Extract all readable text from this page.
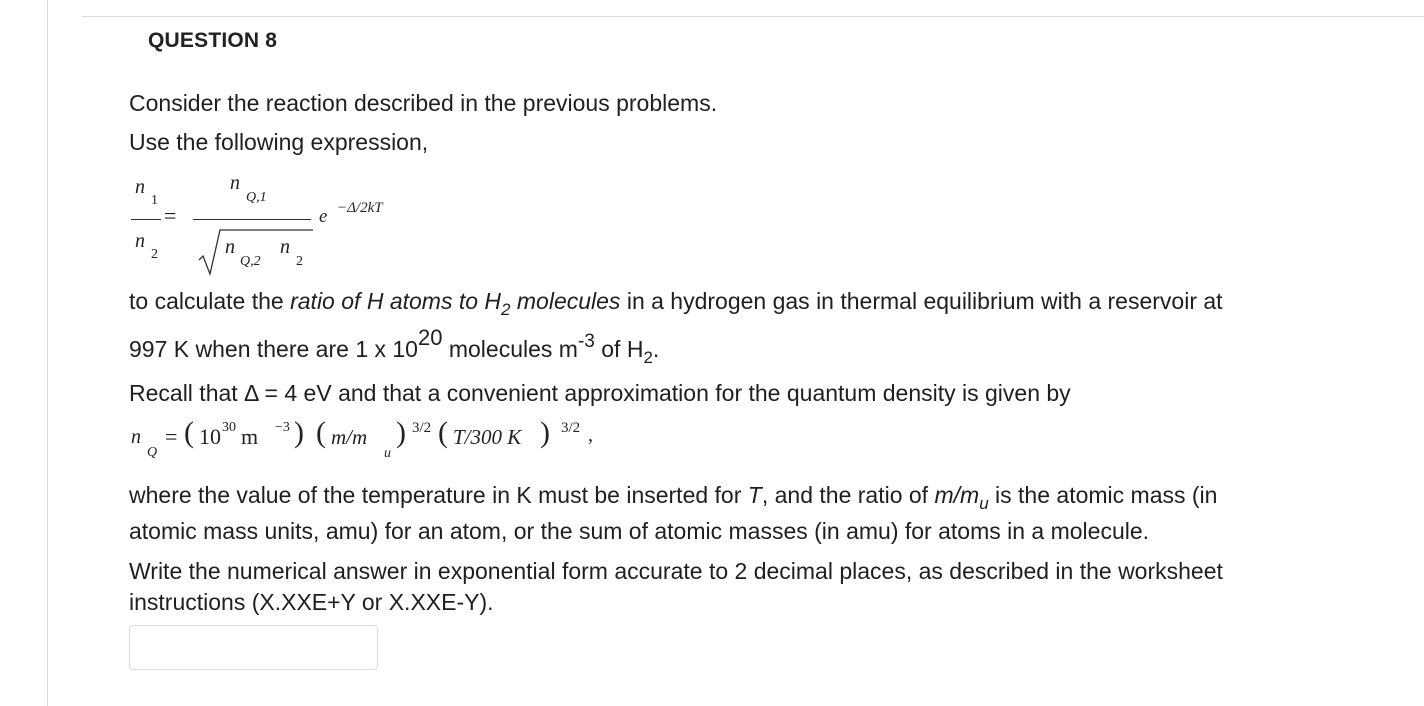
QUESTION 8
Consider the reaction described in the previous problems.
Use the following expression,
n
1
n
2
=
n
Q,1
n
Q,2
n
2
e −Δ/2kT
to calculate the ratio of H atoms to $H_2$ molecules in a hydrogen gas in thermal equilibrium with a reservoir at
997 K when there are 1 x 1020 molecules $m^{-3}$ of $H_2$.
Recall that Δ = 4 eV and that a convenient approximation for the quantum density is given by
n
Q
= ( 10 30 m −3 ) ( m/m
u
) 3/2 ( T/300 K ) 3/2 ,
where the value of the temperature in K must be inserted for T, and the ratio of $m/m_u$ is the atomic mass (in
atomic mass units, amu) for an atom, or the sum of atomic masses (in amu) for atoms in a molecule.
Write the numerical answer in exponential form accurate to 2 decimal places, as described in the worksheet
instructions (X.XXE+Y or X.XXE-Y).
